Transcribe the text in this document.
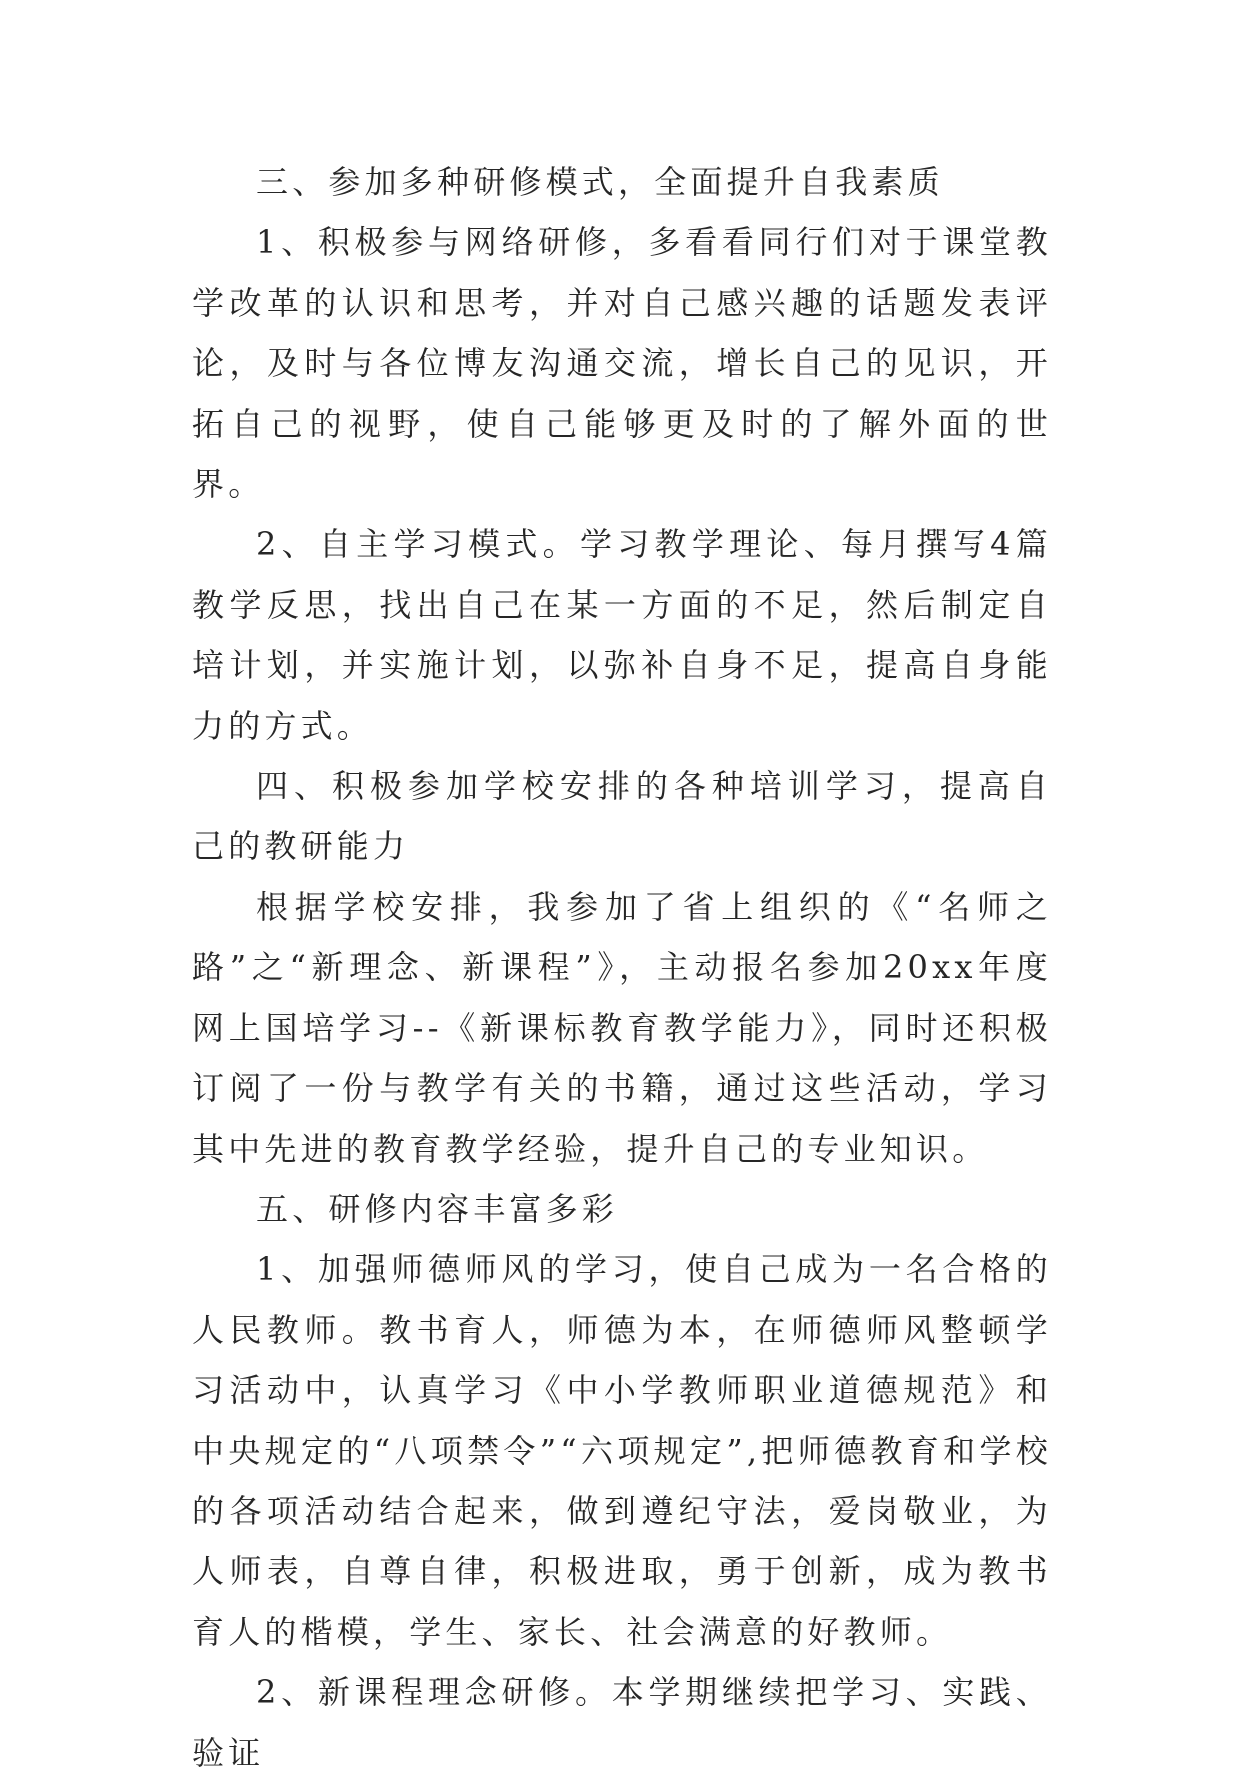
三、参加多种研修模式，全面提升自我素质

1、积极参与网络研修，多看看同行们对于课堂教学改革的认识和思考，并对自己感兴趣的话题发表评论，及时与各位博友沟通交流，增长自己的见识，开拓自己的视野，使自己能够更及时的了解外面的世界。

2、自主学习模式。学习教学理论、每月撰写4篇教学反思，找出自己在某一方面的不足，然后制定自培计划，并实施计划，以弥补自身不足，提高自身能力的方式。

四、积极参加学校安排的各种培训学习，提高自己的教研能力

根据学校安排，我参加了省上组织的《“名师之路”之“新理念、新课程”》，主动报名参加20xx年度网上国培学习--《新课标教育教学能力》，同时还积极订阅了一份与教学有关的书籍，通过这些活动，学习其中先进的教育教学经验，提升自己的专业知识。

五、研修内容丰富多彩

1、加强师德师风的学习，使自己成为一名合格的人民教师。教书育人，师德为本，在师德师风整顿学习活动中，认真学习《中小学教师职业道德规范》和中央规定的“八项禁令”“六项规定”,把师德教育和学校的各项活动结合起来，做到遵纪守法，爱岗敬业，为人师表，自尊自律，积极进取，勇于创新，成为教书育人的楷模，学生、家长、社会满意的好教师。

2、新课程理念研修。本学期继续把学习、实践、验证
